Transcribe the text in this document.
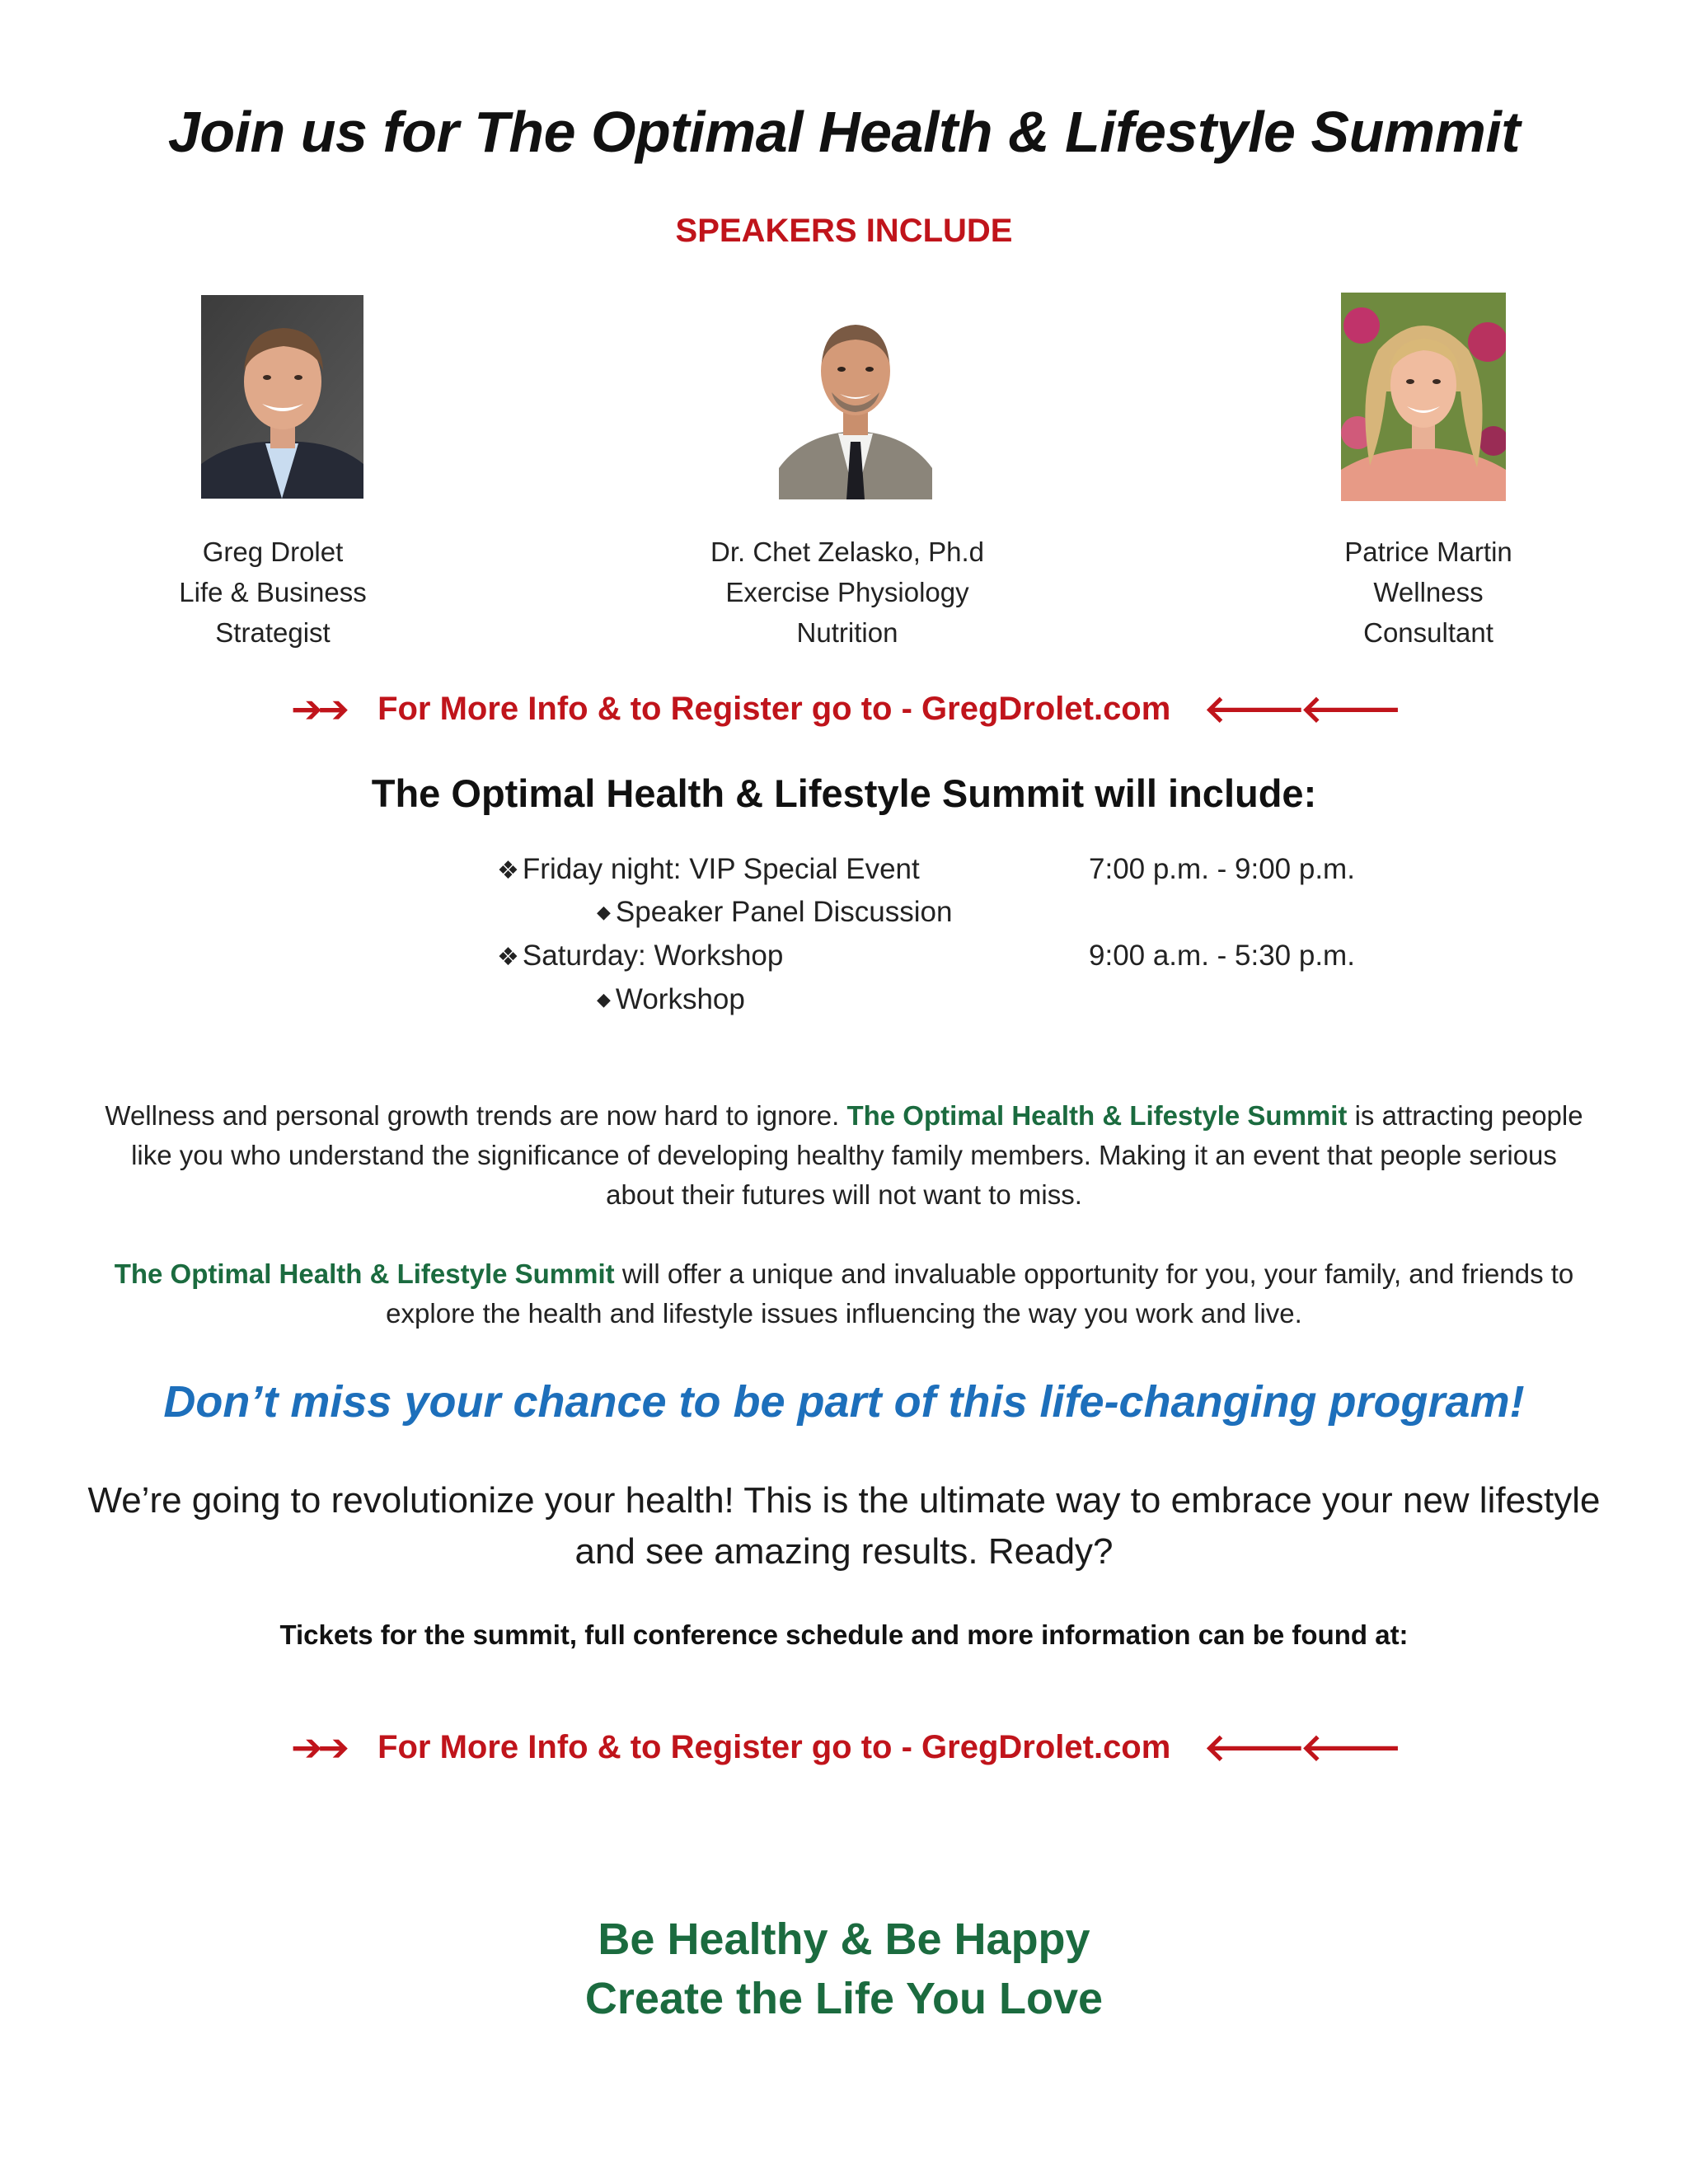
Join us for The Optimal Health & Lifestyle Summit
SPEAKERS INCLUDE
Greg Drolet
Life & Business
Strategist
Dr. Chet Zelasko, Ph.d
Exercise Physiology
Nutrition
Patrice Martin
Wellness
Consultant
➔➔ For More Info & to Register go to - GregDrolet.com 🡐🡐
The Optimal Health & Lifestyle Summit will include:
❖ Friday night: VIP Special Event	7:00 p.m. - 9:00 p.m.
◆ Speaker Panel Discussion
❖ Saturday: Workshop	9:00 a.m. - 5:30 p.m.
◆ Workshop
Wellness and personal growth trends are now hard to ignore. The Optimal Health & Lifestyle Summit is attracting people like you who understand the significance of developing healthy family members. Making it an event that people serious about their futures will not want to miss.
The Optimal Health & Lifestyle Summit will offer a unique and invaluable opportunity for you, your family, and friends to explore the health and lifestyle issues influencing the way you work and live.
Don’t miss your chance to be part of this life-changing program!
We’re going to revolutionize your health! This is the ultimate way to embrace your new lifestyle and see amazing results. Ready?
Tickets for the summit, full conference schedule and more information can be found at:
➔➔ For More Info & to Register go to - GregDrolet.com 🡐🡐
Be Healthy & Be Happy
Create the Life You Love
